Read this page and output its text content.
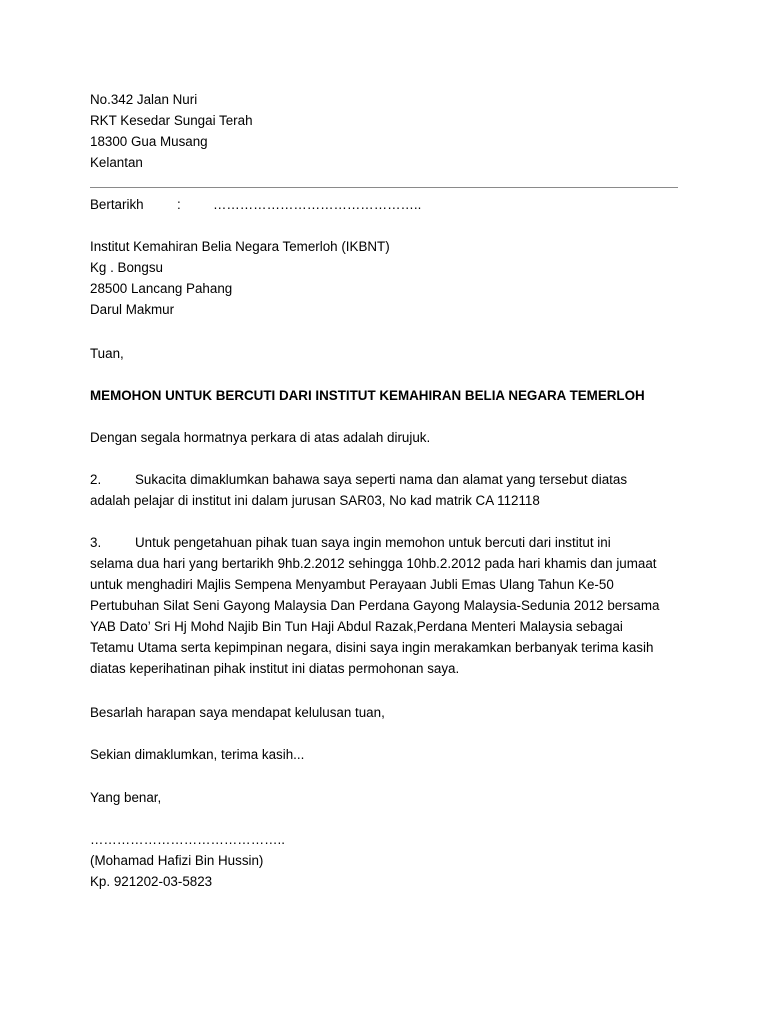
No.342 Jalan Nuri
RKT Kesedar Sungai Terah
18300 Gua Musang
Kelantan
Bertarikh : ………………………………………..
Institut Kemahiran Belia Negara Temerloh (IKBNT)
Kg . Bongsu
28500 Lancang Pahang
Darul Makmur
Tuan,
MEMOHON UNTUK BERCUTI DARI INSTITUT KEMAHIRAN BELIA NEGARA TEMERLOH
Dengan segala hormatnya perkara di atas adalah dirujuk.
2.	Sukacita dimaklumkan bahawa saya seperti nama dan alamat yang tersebut diatas
adalah pelajar di institut ini dalam jurusan SAR03, No kad matrik CA 112118
3.	Untuk pengetahuan pihak tuan saya ingin memohon untuk bercuti dari institut ini
selama dua hari yang bertarikh 9hb.2.2012 sehingga 10hb.2.2012 pada hari khamis dan jumaat
untuk menghadiri Majlis Sempena Menyambut Perayaan Jubli Emas Ulang Tahun Ke-50
Pertubuhan Silat Seni Gayong Malaysia Dan Perdana Gayong Malaysia-Sedunia 2012 bersama
YAB Dato’ Sri Hj Mohd Najib Bin Tun Haji Abdul Razak,Perdana Menteri Malaysia sebagai
Tetamu Utama serta kepimpinan negara, disini saya ingin merakamkan berbanyak terima kasih
diatas keperihatinan pihak institut ini diatas permohonan saya.
Besarlah harapan saya mendapat kelulusan tuan,
Sekian dimaklumkan, terima kasih...
Yang benar,
……………………………………..
(Mohamad Hafizi Bin Hussin)
Kp. 921202-03-5823
